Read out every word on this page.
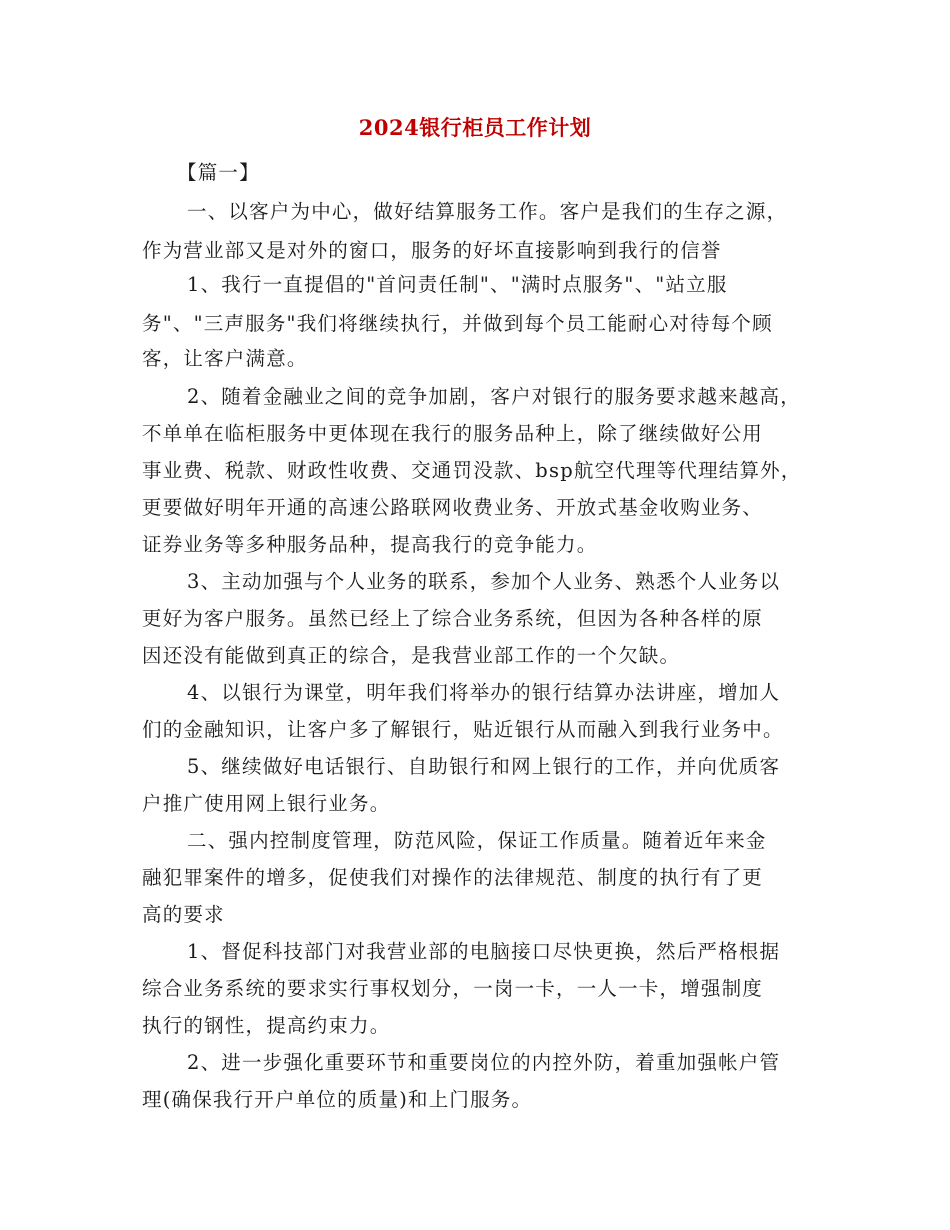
2024银行柜员工作计划
【篇一】
一、以客户为中心，做好结算服务工作。客户是我们的生存之源，
作为营业部又是对外的窗口，服务的好坏直接影响到我行的信誉
1、我行一直提倡的"首问责任制"、"满时点服务"、"站立服
务"、"三声服务"我们将继续执行，并做到每个员工能耐心对待每个顾
客，让客户满意。
2、随着金融业之间的竞争加剧，客户对银行的服务要求越来越高，
不单单在临柜服务中更体现在我行的服务品种上，除了继续做好公用
事业费、税款、财政性收费、交通罚没款、bsp航空代理等代理结算外，
更要做好明年开通的高速公路联网收费业务、开放式基金收购业务、
证券业务等多种服务品种，提高我行的竞争能力。
3、主动加强与个人业务的联系，参加个人业务、熟悉个人业务以
更好为客户服务。虽然已经上了综合业务系统，但因为各种各样的原
因还没有能做到真正的综合，是我营业部工作的一个欠缺。
4、以银行为课堂，明年我们将举办的银行结算办法讲座，增加人
们的金融知识，让客户多了解银行，贴近银行从而融入到我行业务中。
5、继续做好电话银行、自助银行和网上银行的工作，并向优质客
户推广使用网上银行业务。
二、强内控制度管理，防范风险，保证工作质量。随着近年来金
融犯罪案件的增多，促使我们对操作的法律规范、制度的执行有了更
高的要求
1、督促科技部门对我营业部的电脑接口尽快更换，然后严格根据
综合业务系统的要求实行事权划分，一岗一卡，一人一卡，增强制度
执行的钢性，提高约束力。
2、进一步强化重要环节和重要岗位的内控外防，着重加强帐户管
理(确保我行开户单位的质量)和上门服务。
